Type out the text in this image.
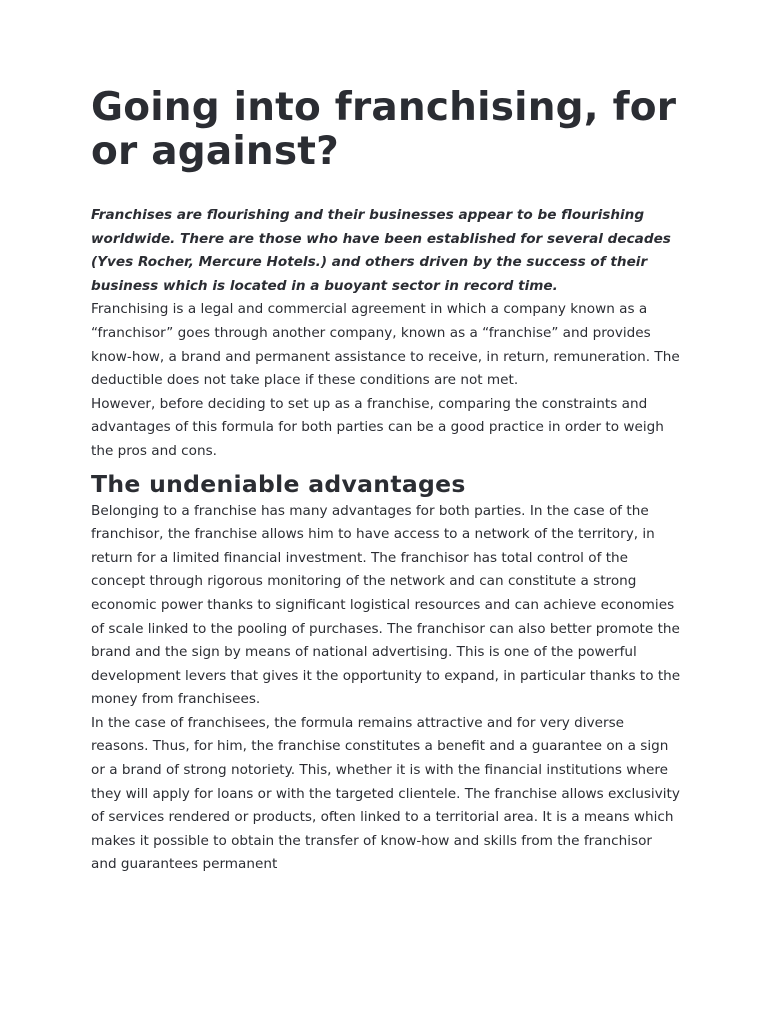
Going into franchising, for or against?

Franchises are flourishing and their businesses appear to be flourishing worldwide. There are those who have been established for several decades (Yves Rocher, Mercure Hotels.) and others driven by the success of their business which is located in a buoyant sector in record time.

Franchising is a legal and commercial agreement in which a company known as a “franchisor” goes through another company, known as a “franchise” and provides know-how, a brand and permanent assistance to receive, in return, remuneration. The deductible does not take place if these conditions are not met.

However, before deciding to set up as a franchise, comparing the constraints and advantages of this formula for both parties can be a good practice in order to weigh the pros and cons.

The undeniable advantages

Belonging to a franchise has many advantages for both parties. In the case of the franchisor, the franchise allows him to have access to a network of the territory, in return for a limited financial investment. The franchisor has total control of the concept through rigorous monitoring of the network and can constitute a strong economic power thanks to significant logistical resources and can achieve economies of scale linked to the pooling of purchases. The franchisor can also better promote the brand and the sign by means of national advertising. This is one of the powerful development levers that gives it the opportunity to expand, in particular thanks to the money from franchisees.

In the case of franchisees, the formula remains attractive and for very diverse reasons. Thus, for him, the franchise constitutes a benefit and a guarantee on a sign or a brand of strong notoriety. This, whether it is with the financial institutions where they will apply for loans or with the targeted clientele. The franchise allows exclusivity of services rendered or products, often linked to a territorial area. It is a means which makes it possible to obtain the transfer of know-how and skills from the franchisor and guarantees permanent
